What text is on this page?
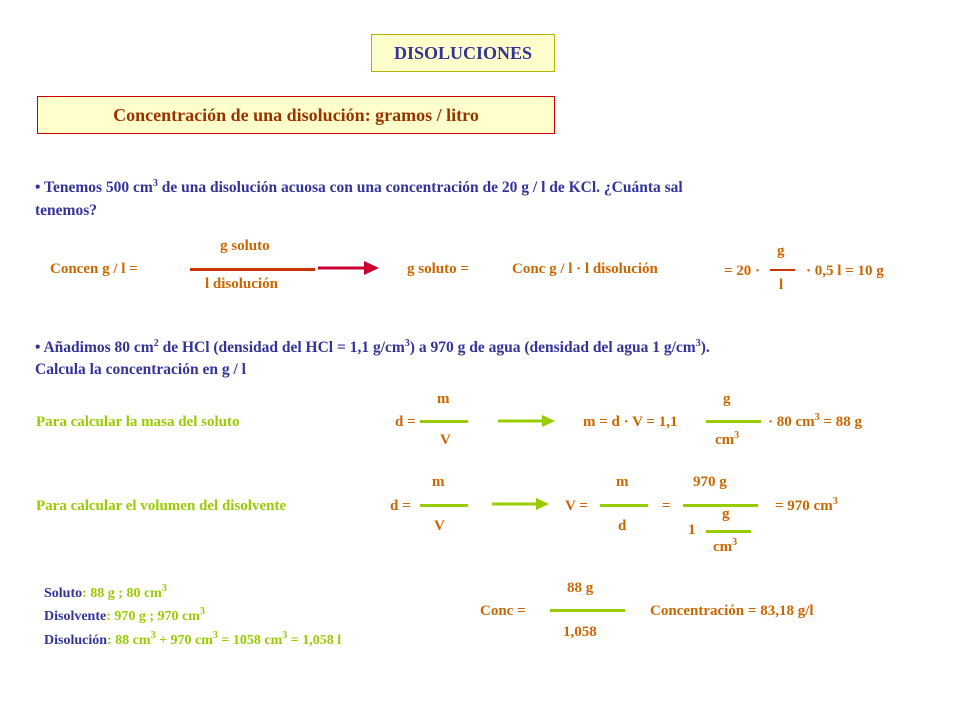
DISOLUCIONES
Concentración de una disolución: gramos / litro
• Tenemos 500 $cm^3$ de una disolución acuosa con una concentración de 20 g / l de KCl. ¿Cuánta sal
tenemos?
Concen g / l =
g soluto
l disolución
g soluto =	Conc g / l · l disolución	= 20 ·
g
l
· 0,5 l = 10 g
• Añadimos 80 $cm^2$ de HCl (densidad del HCl = 1,1 $g/cm^3$) a 970 g de agua (densidad del agua 1 $g/cm^3$).
Calcula la concentración en g / l
Para calcular la masa del soluto	d =
m
V
m = d · V = 1,1
g
$cm^3$
· 80 $cm^3 = 88$ g
Para calcular el volumen del disolvente	d =
m
V
V =
m
d
=
970 g
1
g
$cm^3$
= 970 $cm^3$
Soluto: 88 g ; 80 $cm^3$
Disolvente: 970 g ; 970 $cm^3$
Disolución: 88 $cm^3 + 970$ $cm^3 = 1058$ $cm^3 = 1,058$ l
Conc =
88 g
1,058
Concentración = 83,18 g/l
